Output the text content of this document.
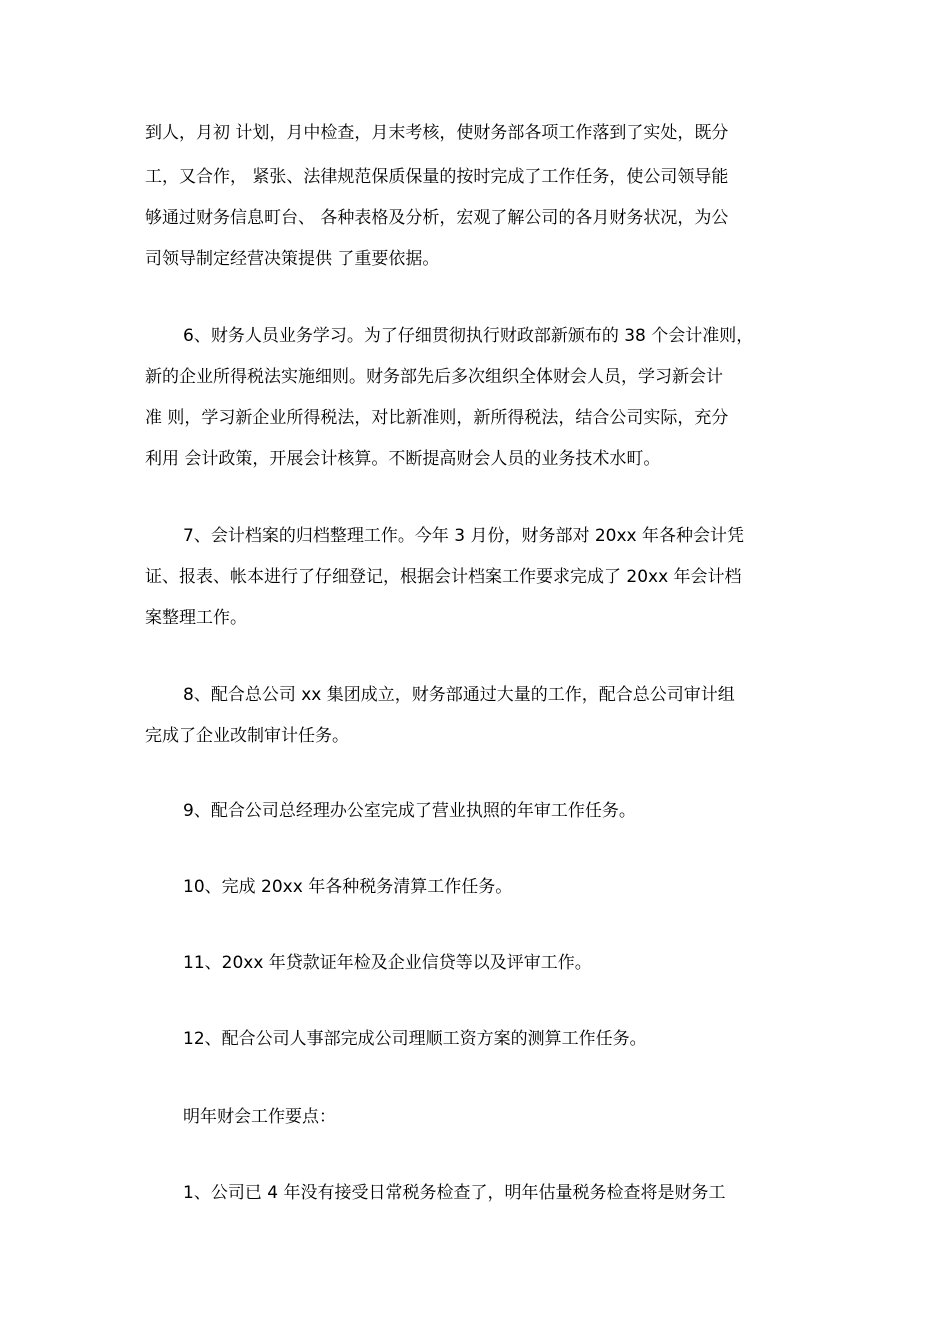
到人，月初 计划，月中检查，月末考核，使财务部各项工作落到了实处，既分
工，又合作， 紧张、法律规范保质保量的按时完成了工作任务，使公司领导能
够通过财务信息町台、 各种表格及分析，宏观了解公司的各月财务状况，为公
司领导制定经营决策提供 了重要依据。
6、财务人员业务学习。为了仔细贯彻执行财政部新颁布的 38 个会计准则，
新的企业所得税法实施细则。财务部先后多次组织全体财会人员，学习新会计
准 则，学习新企业所得税法，对比新准则，新所得税法，结合公司实际，充分
利用 会计政策，开展会计核算。不断提高财会人员的业务技术水町。
7、会计档案的归档整理工作。今年 3 月份，财务部对 20xx 年各种会计凭
证、报表、帐本进行了仔细登记，根据会计档案工作要求完成了 20xx 年会计档
案整理工作。
8、配合总公司 xx 集团成立，财务部通过大量的工作，配合总公司审计组
完成了企业改制审计任务。
9、配合公司总经理办公室完成了营业执照的年审工作任务。
10、完成 20xx 年各种税务清算工作任务。
11、20xx 年贷款证年检及企业信贷等以及评审工作。
12、配合公司人事部完成公司理顺工资方案的测算工作任务。
明年财会工作要点：
1、公司已 4 年没有接受日常税务检查了，明年估量税务检查将是财务工
